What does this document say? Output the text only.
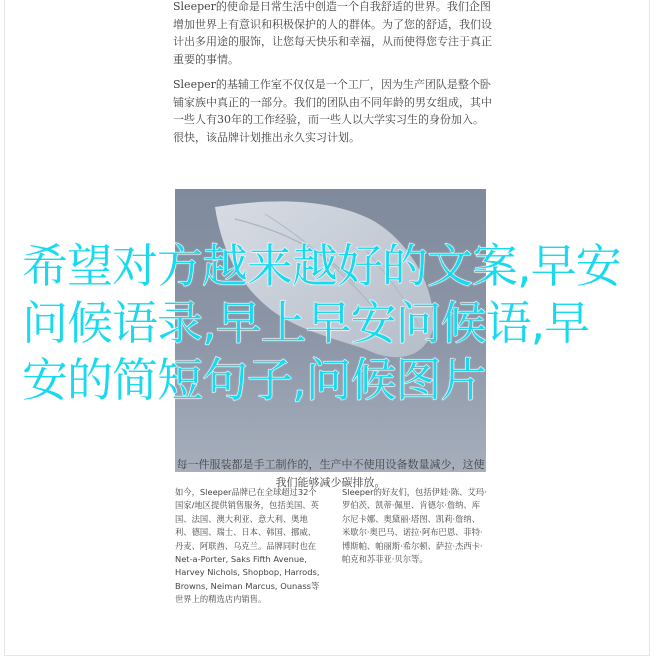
Sleeper的使命是日常生活中创造一个自我舒适的世界。我们企图增加世界上有意识和积极保护的人的群体。为了您的舒适，我们设计出多用途的服饰，让您每天快乐和幸福，从而使得您专注于真正重要的事情。

Sleeper的基辅工作室不仅仅是一个工厂，因为生产团队是整个卧铺家族中真正的一部分。我们的团队由不同年龄的男女组成，其中一些人有30年的工作经验，而一些人以大学实习生的身份加入。很快，该品牌计划推出永久实习计划。

每一件服装都是手工制作的，生产中不使用设备数量减少，这使我们能够减少碳排放。

如今，Sleeper品牌已在全球超过32个国家/地区提供销售服务，包括美国、英国、法国、澳大利亚、意大利、奥地利、德国、瑞士、日本、韩国、挪威、丹麦、阿联酋、乌克兰。品牌同时也在Net-a-Porter, Saks Fifth Avenue, Harvey Nichols, Shopbop, Harrods, Browns, Neiman Marcus, Ounass等世界上的精选店内销售。

Sleeper的好友们，包括伊娃·陈、艾玛·罗伯茨、凯蒂·佩里、肯德尔·詹纳、库尔尼卡娜、奥黛丽·塔图、凯莉·詹纳、米歇尔·奥巴马、诺拉·阿布巴恩、菲特·博斯帕、帕丽斯·希尔顿、萨拉·杰西卡·帕克和苏菲亚·贝尔等。

希望对方越来越好的文案,早安问候语录,早上早安问候语,早安的简短句子,问候图片
